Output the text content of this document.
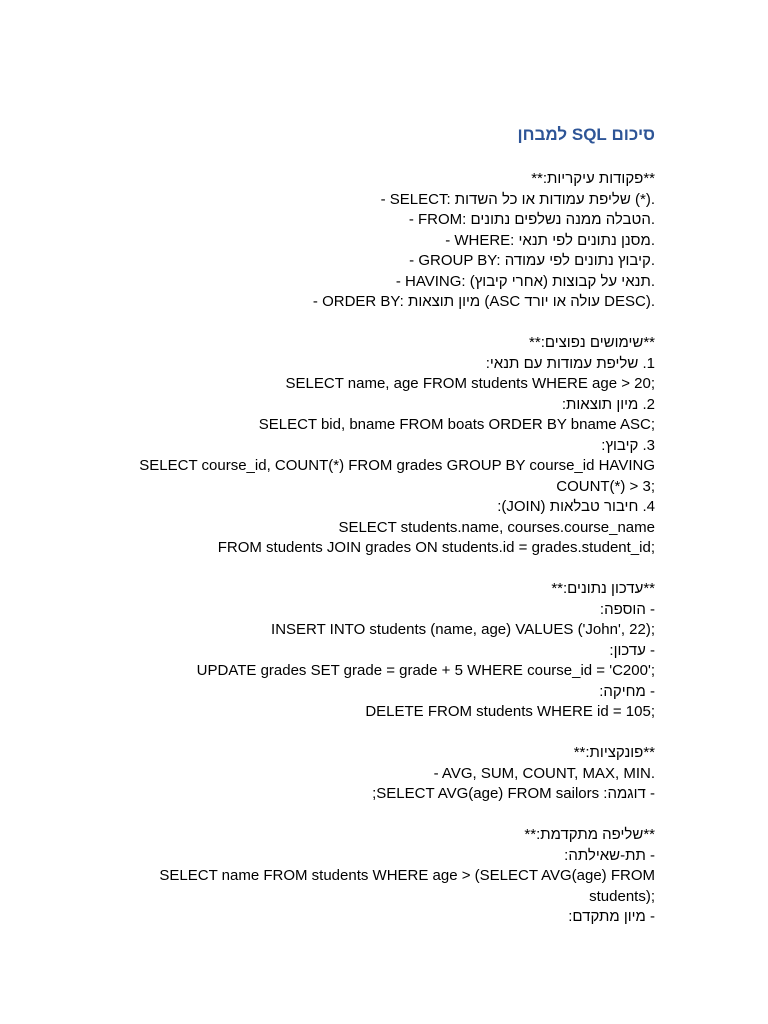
סיכום SQL למבחן
**פקודות עיקריות:**
- SELECT: שליפת עמודות או כל השדות (*).
- FROM: הטבלה ממנה נשלפים נתונים.
- WHERE: מסנן נתונים לפי תנאי.
- GROUP BY: קיבוץ נתונים לפי עמודה.
- HAVING: תנאי על קבוצות (אחרי קיבוץ).
- ORDER BY: מיון תוצאות (ASC עולה או יורד DESC).
**שימושים נפוצים:**
1. שליפת עמודות עם תנאי:
SELECT name, age FROM students WHERE age > 20;
2. מיון תוצאות:
SELECT bid, bname FROM boats ORDER BY bname ASC;
3. קיבוץ:
SELECT course_id, COUNT(*) FROM grades GROUP BY course_id HAVING
COUNT(*) > 3;
4. חיבור טבלאות (JOIN):
SELECT students.name, courses.course_name
FROM students JOIN grades ON students.id = grades.student_id;
**עדכון נתונים:**
- הוספה:
INSERT INTO students (name, age) VALUES ('John', 22);
- עדכון:
UPDATE grades SET grade = grade + 5 WHERE course_id = 'C200';
- מחיקה:
DELETE FROM students WHERE id = 105;
**פונקציות:**
- AVG, SUM, COUNT, MAX, MIN.
- דוגמה: SELECT AVG(age) FROM sailors;
**שליפה מתקדמת:**
- תת-שאילתה:
SELECT name FROM students WHERE age > (SELECT AVG(age) FROM
students);
- מיון מתקדם:
